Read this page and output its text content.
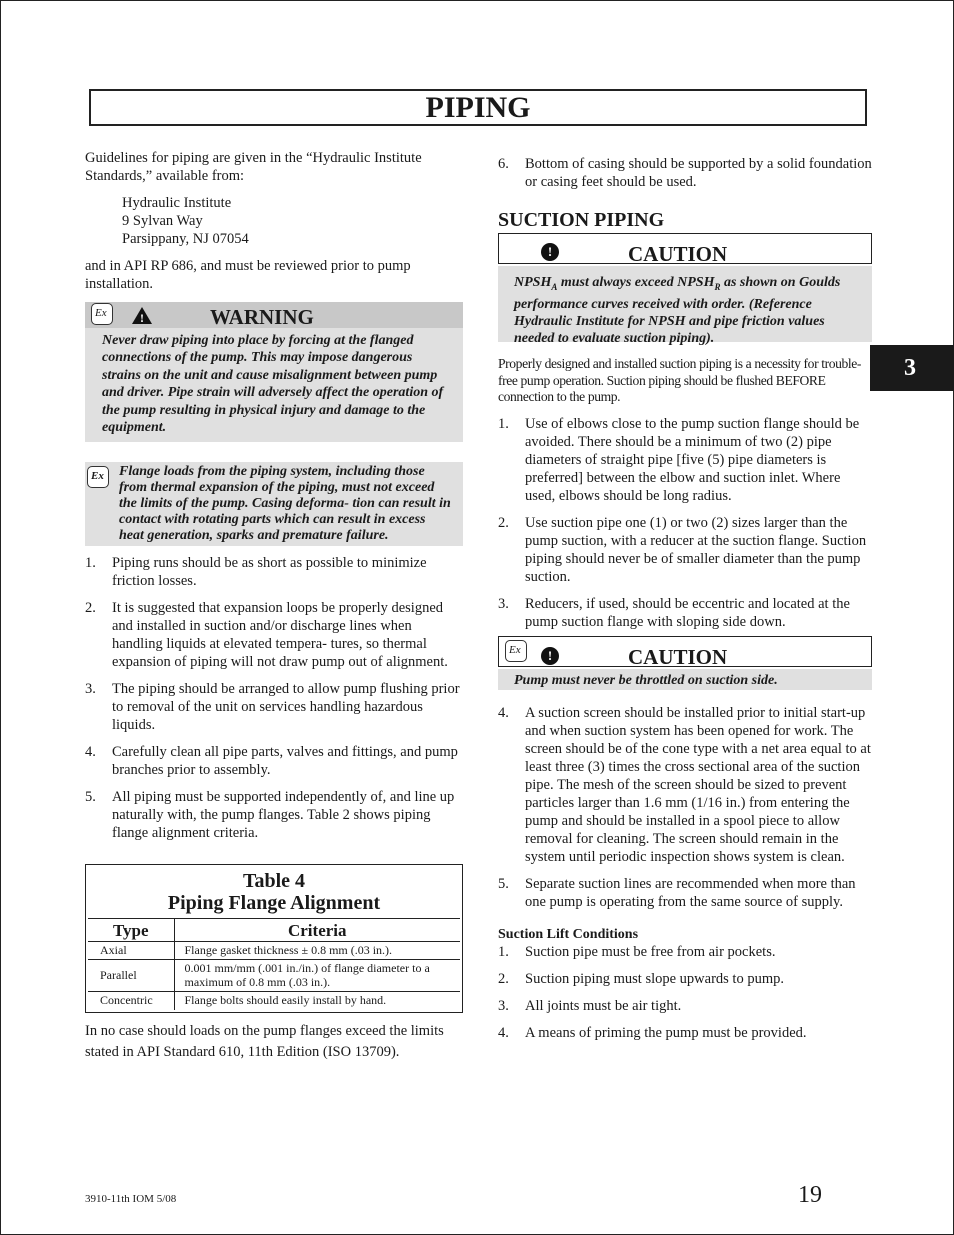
PIPING

Guidelines for piping are given in the “Hydraulic Institute Standards,” available from:

Hydraulic Institute
9 Sylvan Way
Parsippany, NJ 07054

and in API RP 686, and must be reviewed prior to pump installation.

Ex	!	WARNING
Never draw piping into place by forcing at the flanged connections of the pump. This may impose dangerous strains on the unit and cause misalignment between pump and driver. Pipe strain will adversely affect the operation of the pump resulting in physical injury and damage to the equipment.
Ex Flange loads from the piping system, including those from thermal expansion of the piping, must not exceed the limits of the pump. Casing deforma- tion can result in contact with rotating parts which can result in excess heat generation, sparks and premature failure.
1. Piping runs should be as short as possible to minimize friction losses.
2. It is suggested that expansion loops be properly designed and installed in suction and/or discharge lines when handling liquids at elevated tempera- tures, so thermal expansion of piping will not draw pump out of alignment.
3. The piping should be arranged to allow pump flushing prior to removal of the unit on services handling hazardous liquids.
4. Carefully clean all pipe parts, valves and fittings, and pump branches prior to assembly.
5. All piping must be supported independently of, and line up naturally with, the pump flanges. Table 2 shows piping flange alignment criteria.
Table 4
Piping Flange Alignment	

Type	Criteria
Axial	Flange gasket thickness ± 0.8 mm (.03 in.).
Parallel	0.001 mm/mm (.001 in./in.) of flange diameter to a maximum of 0.8 mm (.03 in.).
Concentric	Flange bolts should easily install by hand.

In no case should loads on the pump flanges exceed the limits stated in API Standard 610, 11th Edition (ISO 13709).

6. Bottom of casing should be supported by a solid foundation or casing feet should be used.
SUCTION PIPING
!	CAUTION
$NPSH_A$ must always exceed $NPSH_R$ as shown on Goulds performance curves received with order. (Reference Hydraulic Institute for NPSH and pipe friction values needed to evaluate suction piping).

Properly designed and installed suction piping is a necessity for trouble-free pump operation. Suction piping should be flushed BEFORE connection to the pump.

1. Use of elbows close to the pump suction flange should be avoided. There should be a minimum of two (2) pipe diameters of straight pipe [five (5) pipe diameters is preferred] between the elbow and suction inlet. Where used, elbows should be long radius.
2. Use suction pipe one (1) or two (2) sizes larger than the pump suction, with a reducer at the suction flange. Suction piping should never be of smaller diameter than the pump suction.
3. Reducers, if used, should be eccentric and located at the pump suction flange with sloping side down.
Ex	!	CAUTION
Pump must never be throttled on suction side.
4. A suction screen should be installed prior to initial start-up and when suction system has been opened for work. The screen should be of the cone type with a net area equal to at least three (3) times the cross sectional area of the suction pipe. The mesh of the screen should be sized to prevent particles larger than 1.6 mm (1/16 in.) from entering the pump and should be installed in a spool piece to allow removal for cleaning. The screen should remain in the system until periodic inspection shows system is clean.
5. Separate suction lines are recommended when more than one pump is operating from the same source of supply.
Suction Lift Conditions
1. Suction pipe must be free from air pockets.
2. Suction piping must slope upwards to pump.
3. All joints must be air tight.
4. A means of priming the pump must be provided.
3
3910-11th IOM 5/08	19
